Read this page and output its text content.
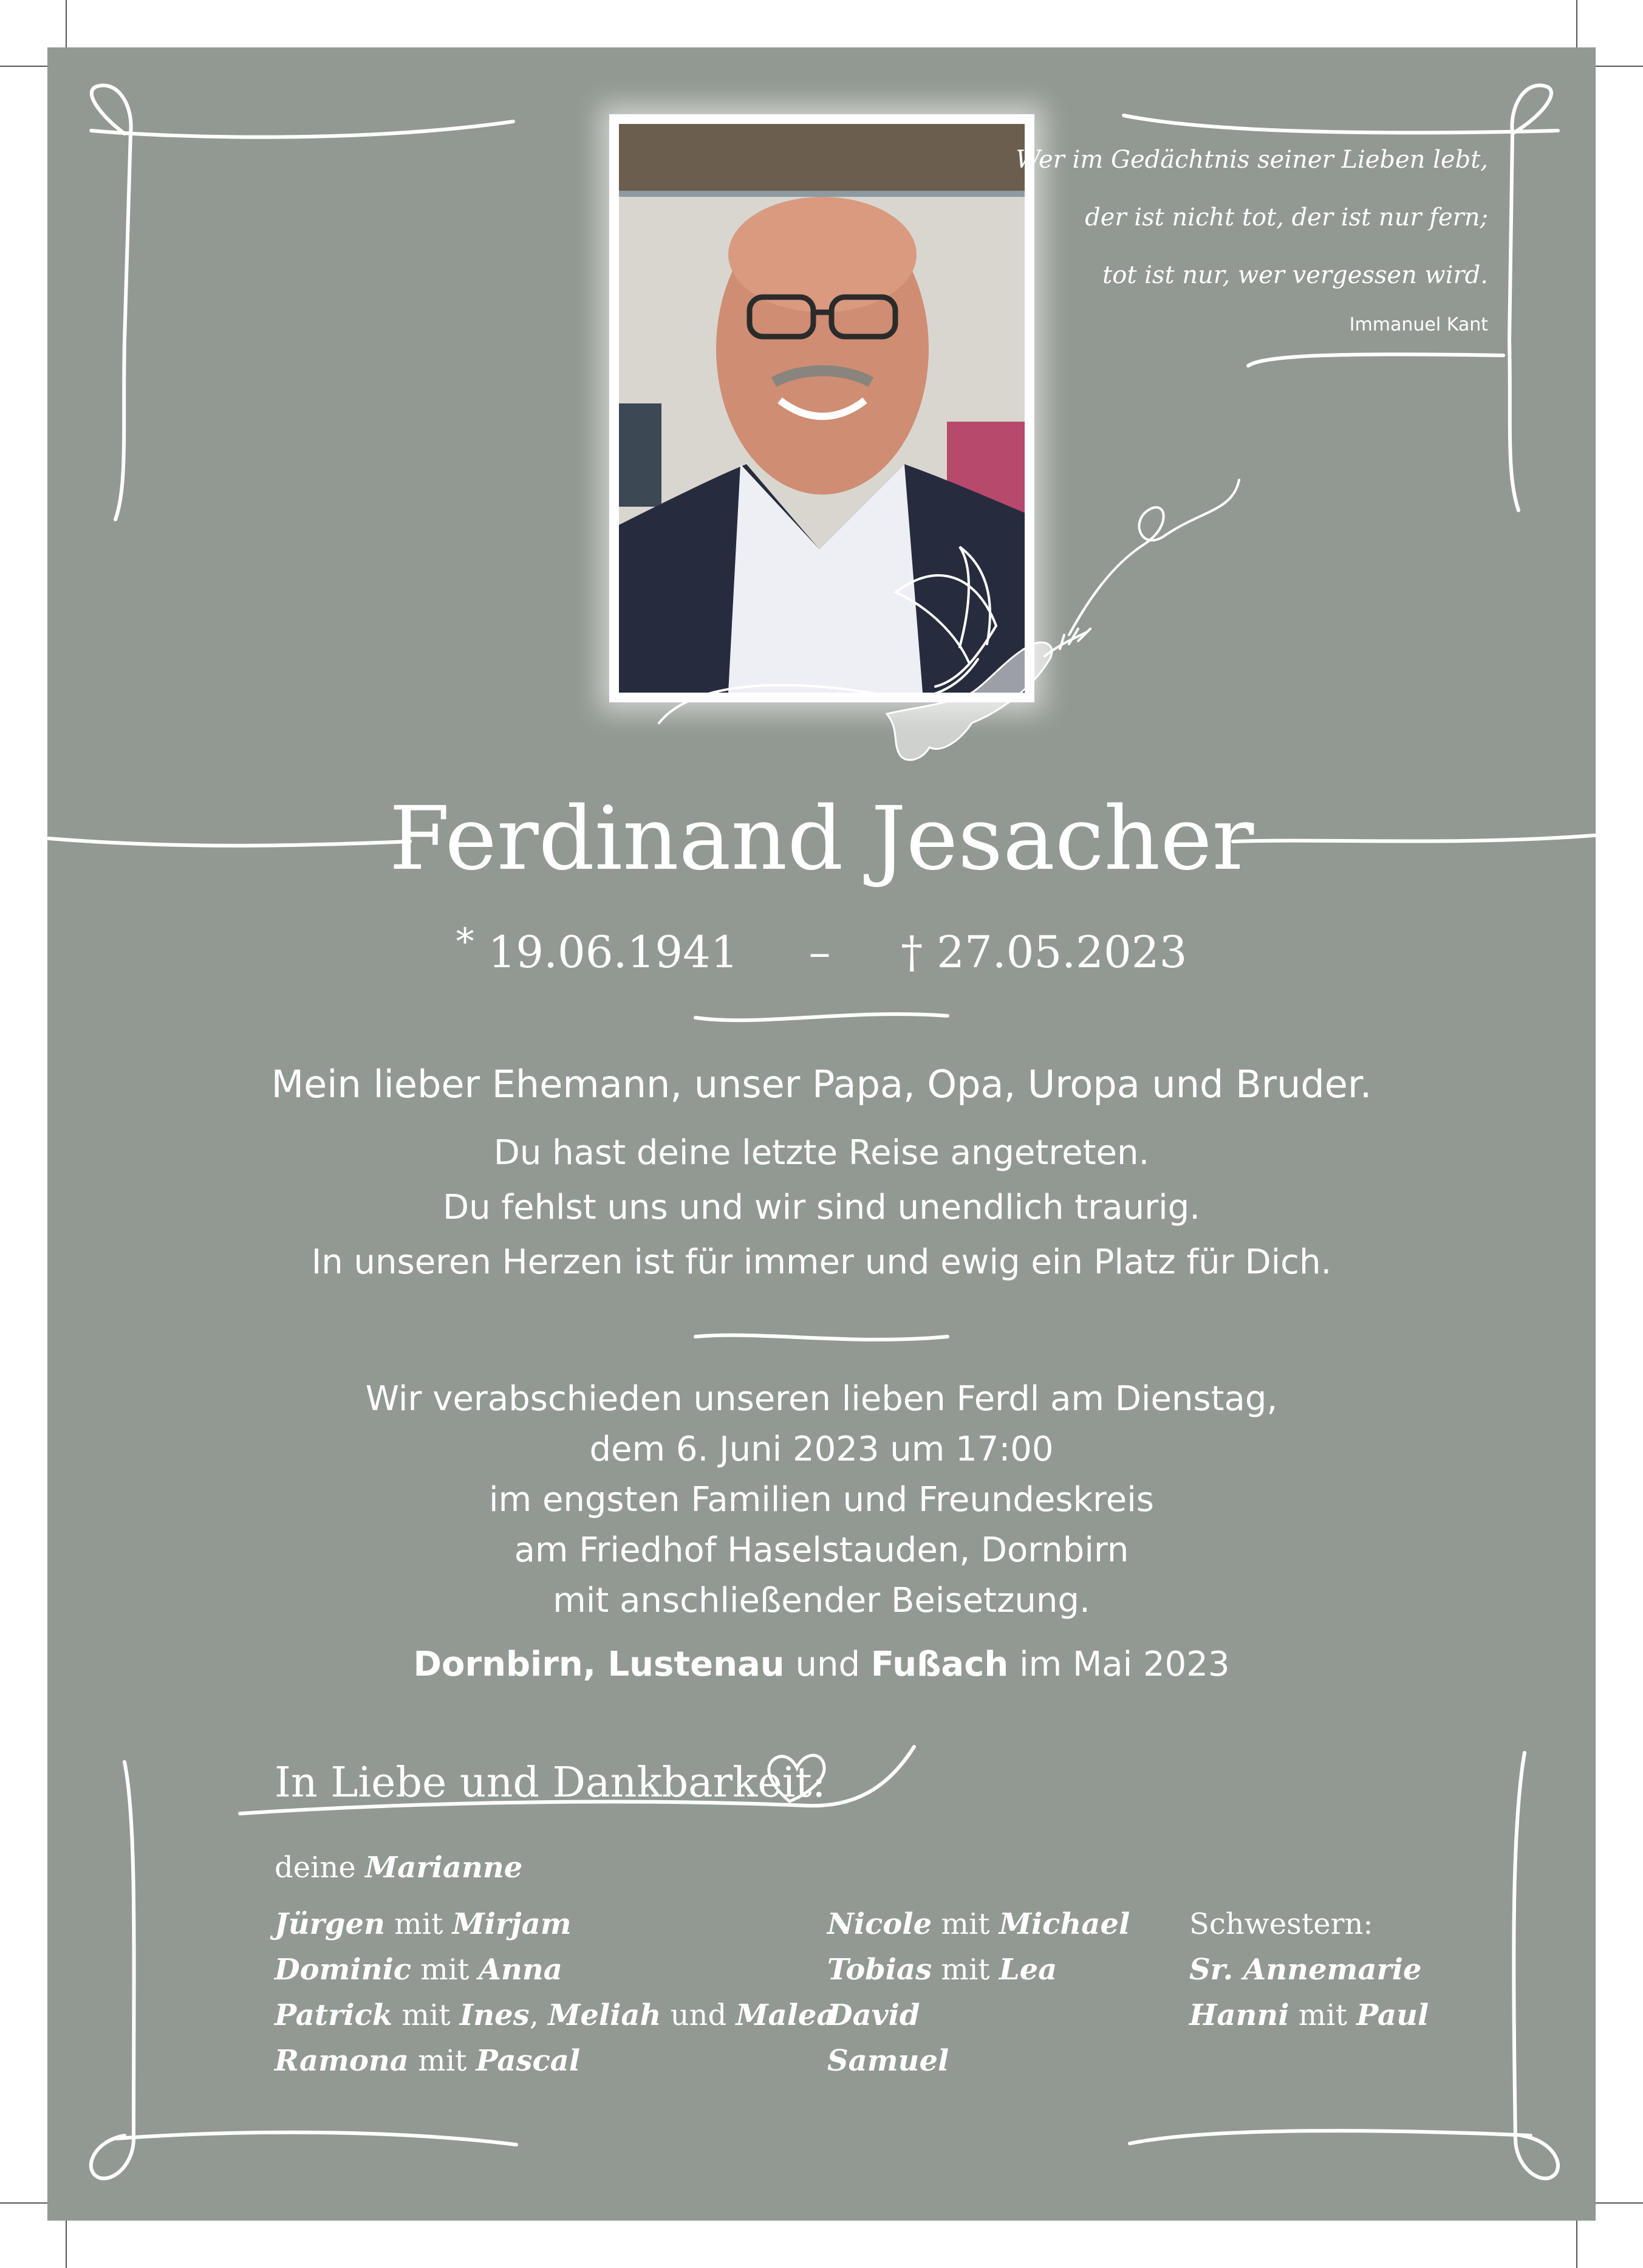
Wer im Gedächtnis seiner Lieben lebt,
der ist nicht tot, der ist nur fern;
tot ist nur, wer vergessen wird.
Immanuel Kant
Ferdinand Jesacher
* 19.06.1941 – † 27.05.2023
Mein lieber Ehemann, unser Papa, Opa, Uropa und Bruder.
Du hast deine letzte Reise angetreten.
Du fehlst uns und wir sind unendlich traurig.
In unseren Herzen ist für immer und ewig ein Platz für Dich.
Wir verabschieden unseren lieben Ferdl am Dienstag,
dem 6. Juni 2023 um 17:00
im engsten Familien und Freundeskreis
am Friedhof Haselstauden, Dornbirn
mit anschließender Beisetzung.
Dornbirn, Lustenau und Fußach im Mai 2023
In Liebe und Dankbarkeit:
deine Marianne
Jürgen mit Mirjam
Dominic mit Anna
Patrick mit Ines, Meliah und Malea
Ramona mit Pascal
Nicole mit Michael
Tobias mit Lea
David
Samuel
Schwestern:
Sr. Annemarie
Hanni mit Paul
